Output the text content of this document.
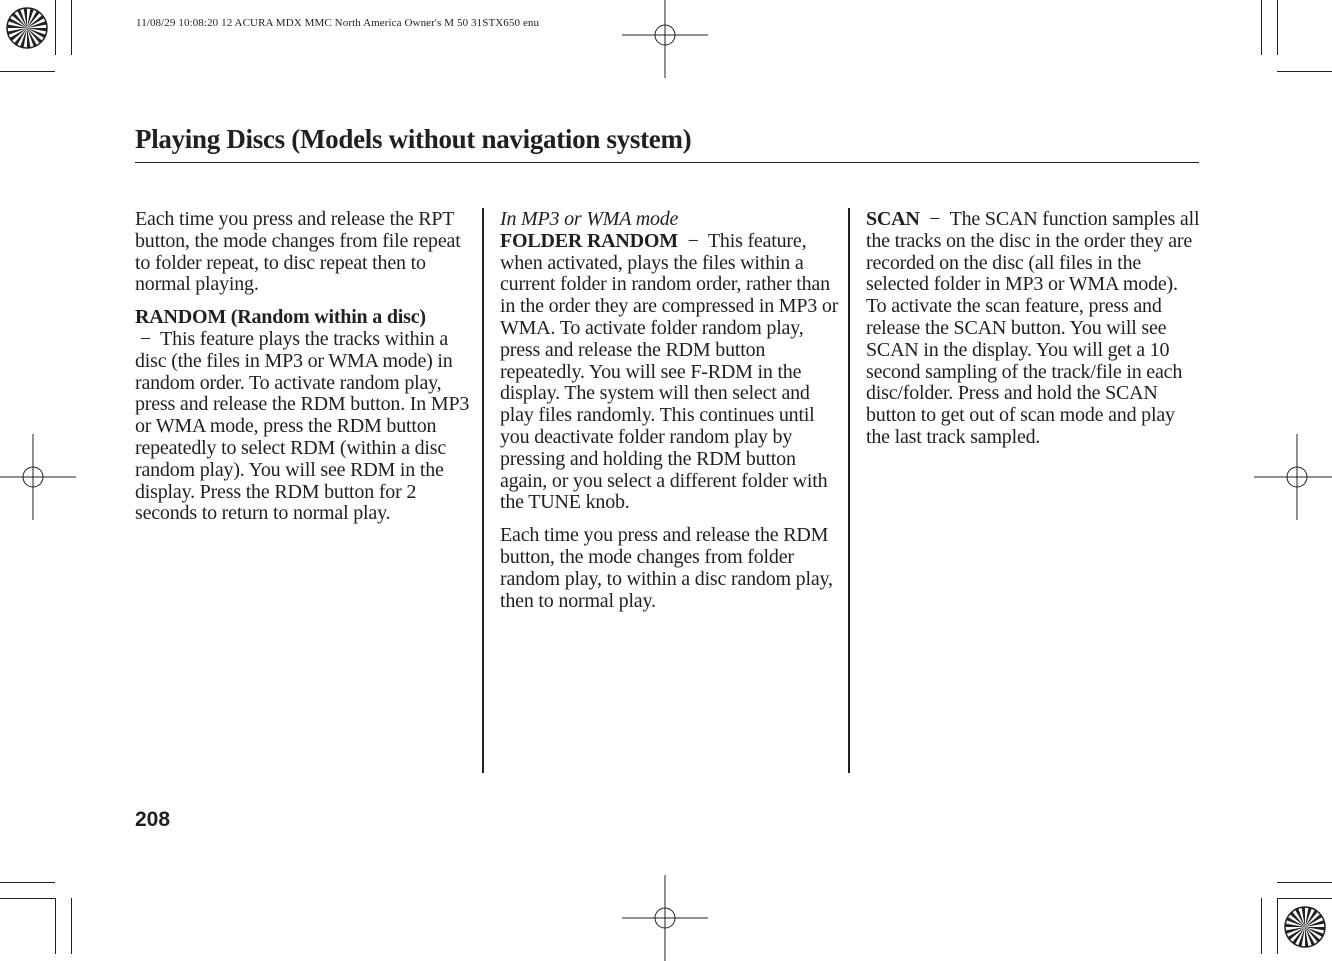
11/08/29 10:08:20 12 ACURA MDX MMC North America Owner's M 50 31STX650 enu
Playing Discs (Models without navigation system)

Each time you press and release the RPT button, the mode changes from file repeat to folder repeat, to disc repeat then to normal playing.

RANDOM (Random within a disc)
− This feature plays the tracks within a disc (the files in MP3 or WMA mode) in random order. To activate random play, press and release the RDM button. In MP3 or WMA mode, press the RDM button repeatedly to select RDM (within a disc random play). You will see RDM in the display. Press the RDM button for 2 seconds to return to normal play.

In MP3 or WMA mode
FOLDER RANDOM − This feature, when activated, plays the files within a current folder in random order, rather than in the order they are compressed in MP3 or WMA. To activate folder random play, press and release the RDM button repeatedly. You will see F-RDM in the display. The system will then select and play files randomly. This continues until you deactivate folder random play by pressing and holding the RDM button again, or you select a different folder with the TUNE knob.

Each time you press and release the RDM button, the mode changes from folder random play, to within a disc random play, then to normal play.

SCAN − The SCAN function samples all the tracks on the disc in the order they are recorded on the disc (all files in the selected folder in MP3 or WMA mode). To activate the scan feature, press and release the SCAN button. You will see SCAN in the display. You will get a 10 second sampling of the track/file in each disc/folder. Press and hold the SCAN button to get out of scan mode and play the last track sampled.

208
